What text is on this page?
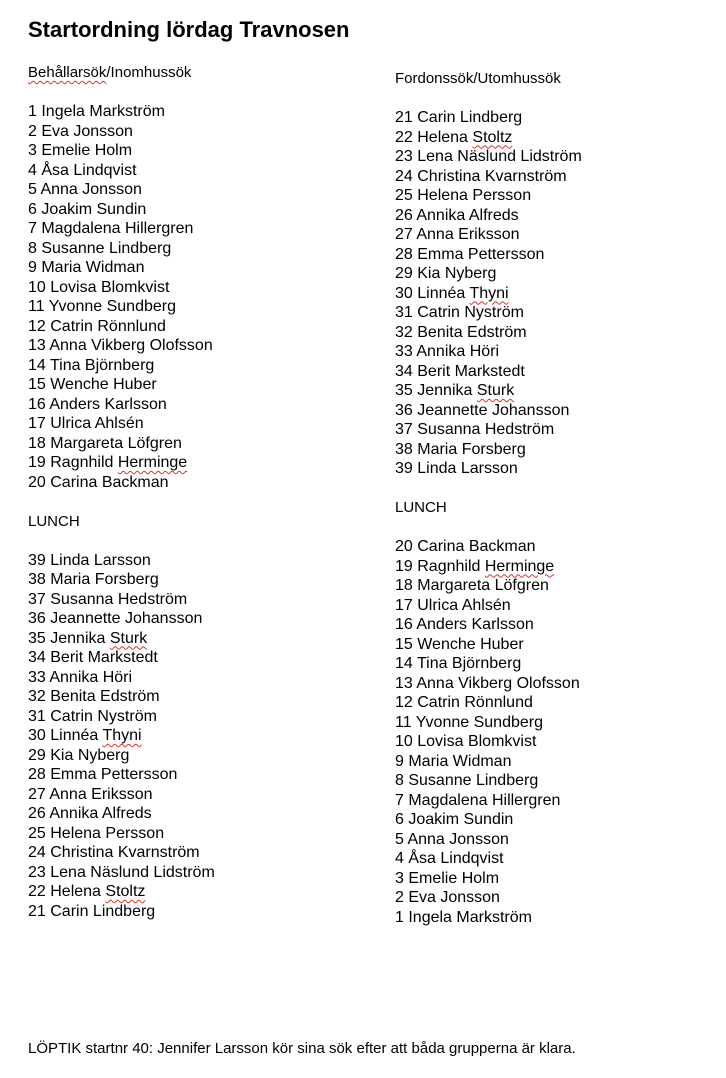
Startordning lördag Travnosen
Behållarsök/Inomhussök
1 Ingela Markström
2 Eva Jonsson
3 Emelie Holm
4 Åsa Lindqvist
5 Anna Jonsson
6 Joakim Sundin
7 Magdalena Hillergren
8 Susanne Lindberg
9 Maria Widman
10 Lovisa Blomkvist
11 Yvonne Sundberg
12 Catrin Rönnlund
13 Anna Vikberg Olofsson
14 Tina Björnberg
15 Wenche Huber
16 Anders Karlsson
17 Ulrica Ahlsén
18 Margareta Löfgren
19 Ragnhild Herminge
20 Carina Backman
LUNCH
39 Linda Larsson
38 Maria Forsberg
37 Susanna Hedström
36 Jeannette Johansson
35 Jennika Sturk
34 Berit Markstedt
33 Annika Höri
32 Benita Edström
31 Catrin Nyström
30 Linnéa Thyni
29 Kia Nyberg
28 Emma Pettersson
27 Anna Eriksson
26 Annika Alfreds
25 Helena Persson
24 Christina Kvarnström
23 Lena Näslund Lidström
22 Helena Stoltz
21 Carin Lindberg
Fordonssök/Utomhussök
21 Carin Lindberg
22 Helena Stoltz
23 Lena Näslund Lidström
24 Christina Kvarnström
25 Helena Persson
26 Annika Alfreds
27 Anna Eriksson
28 Emma Pettersson
29 Kia Nyberg
30 Linnéa Thyni
31 Catrin Nyström
32 Benita Edström
33 Annika Höri
34 Berit Markstedt
35 Jennika Sturk
36 Jeannette Johansson
37 Susanna Hedström
38 Maria Forsberg
39 Linda Larsson
LUNCH
20 Carina Backman
19 Ragnhild Herminge
18 Margareta Löfgren
17 Ulrica Ahlsén
16 Anders Karlsson
15 Wenche Huber
14 Tina Björnberg
13 Anna Vikberg Olofsson
12 Catrin Rönnlund
11 Yvonne Sundberg
10 Lovisa Blomkvist
9 Maria Widman
8 Susanne Lindberg
7 Magdalena Hillergren
6 Joakim Sundin
5 Anna Jonsson
4 Åsa Lindqvist
3 Emelie Holm
2 Eva Jonsson
1 Ingela Markström
LÖPTIK startnr 40: Jennifer Larsson kör sina sök efter att båda grupperna är klara.
